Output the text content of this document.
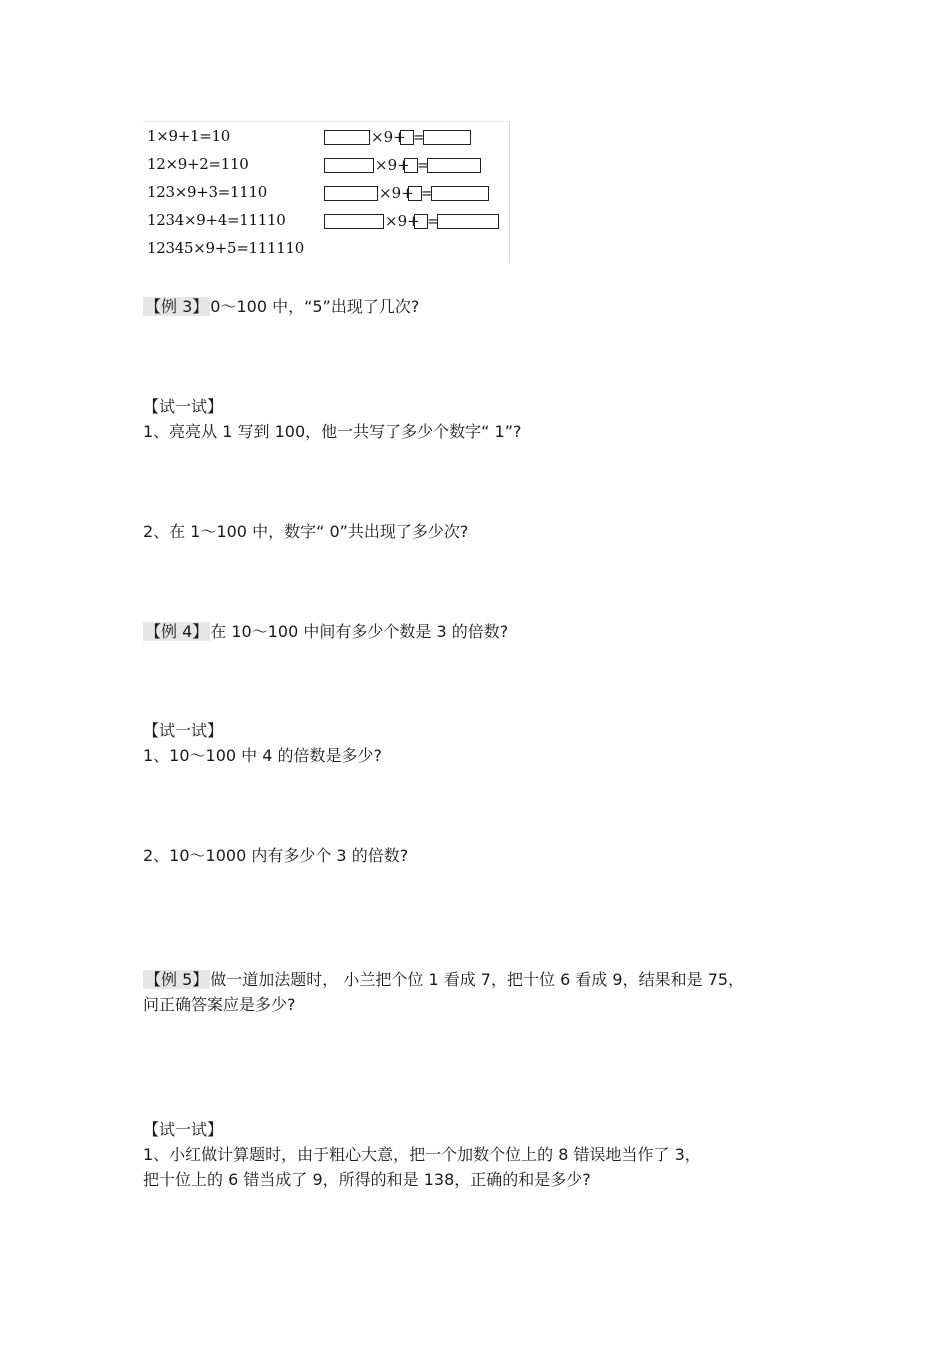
1×9+1=10
12×9+2=110
123×9+3=1110
1234×9+4=11110
12345×9+5=111110
×9+ =
×9+ =
×9+ =
×9+ =
【例 3】 0～100 中，“5”出现了几次?
【试一试】
1、亮亮从 1 写到 100，他一共写了多少个数字“ 1”?
2、在 1～100 中，数字“ 0”共出现了多少次?
【例 4】 在 10～100 中间有多少个数是 3 的倍数?
【试一试】
1、10～100 中 4 的倍数是多少?
2、10～1000 内有多少个 3 的倍数?
【例 5】 做一道加法题时， 小兰把个位 1 看成 7，把十位 6 看成 9，结果和是 75，
问正确答案应是多少?
【试一试】
1、小红做计算题时，由于粗心大意，把一个加数个位上的 8 错误地当作了 3，
把十位上的 6 错当成了 9，所得的和是 138，正确的和是多少?
